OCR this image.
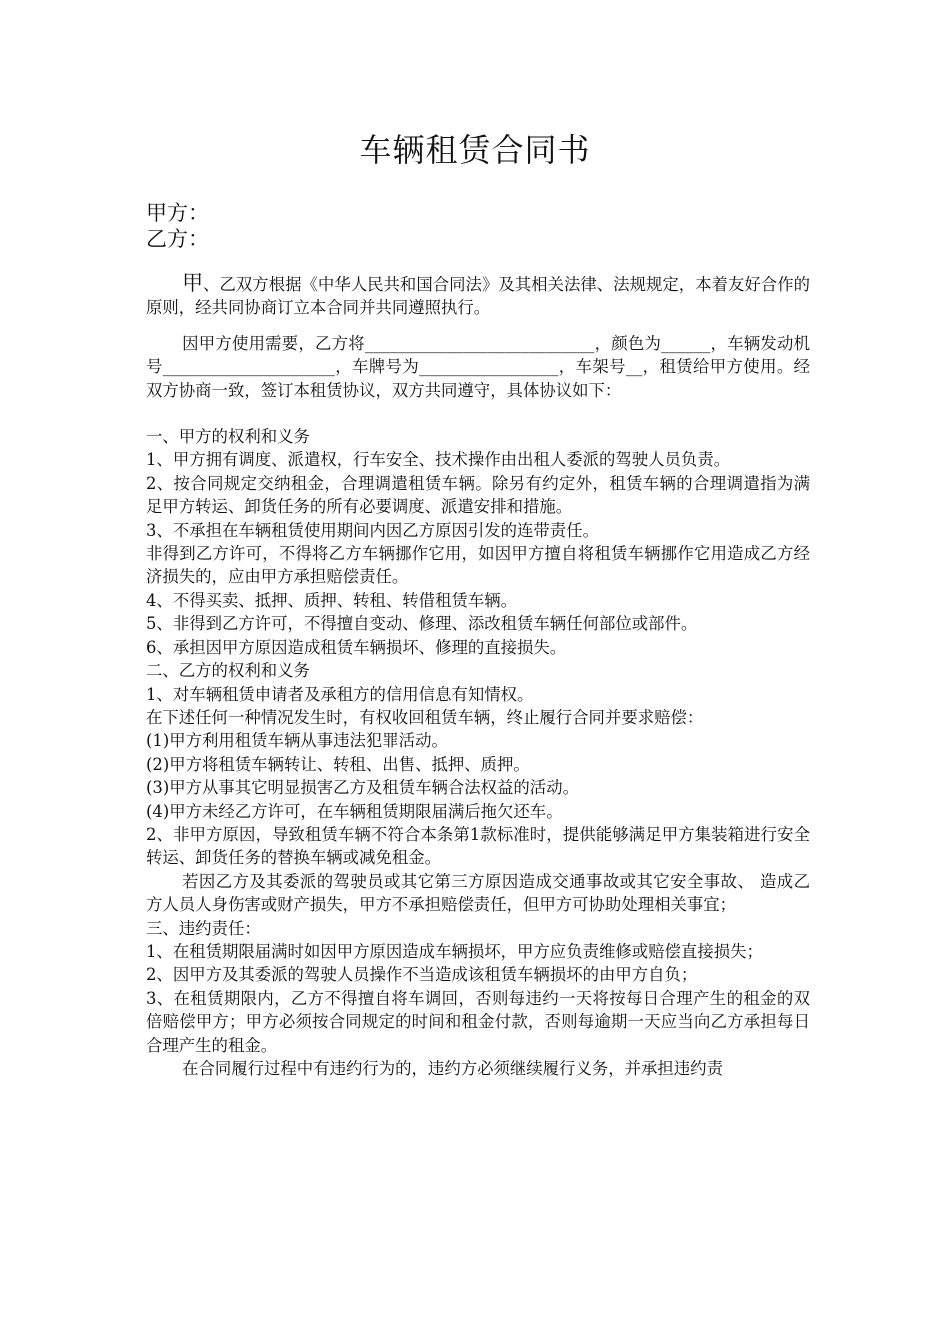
车辆租赁合同书
甲方：
乙方：

甲、乙双方根据《中华人民共和国合同法》及其相关法律、法规规定，本着友好合作的原则，经共同协商订立本合同并共同遵照执行。

因甲方使用需要，乙方将____________________________，颜色为______，车辆发动机号_____________________，车牌号为_________________，车架号__，租赁给甲方使用。经双方协商一致，签订本租赁协议，双方共同遵守，具体协议如下：

一、甲方的权利和义务

1、甲方拥有调度、派遣权，行车安全、技术操作由出租人委派的驾驶人员负责。

2、按合同规定交纳租金，合理调遣租赁车辆。除另有约定外，租赁车辆的合理调遣指为满足甲方转运、卸货任务的所有必要调度、派遣安排和措施。

3、不承担在车辆租赁使用期间内因乙方原因引发的连带责任。

非得到乙方许可，不得将乙方车辆挪作它用，如因甲方擅自将租赁车辆挪作它用造成乙方经济损失的，应由甲方承担赔偿责任。

4、不得买卖、抵押、质押、转租、转借租赁车辆。

5、非得到乙方许可，不得擅自变动、修理、添改租赁车辆任何部位或部件。

6、承担因甲方原因造成租赁车辆损坏、修理的直接损失。

二、乙方的权利和义务

1、对车辆租赁申请者及承租方的信用信息有知情权。

在下述任何一种情况发生时，有权收回租赁车辆，终止履行合同并要求赔偿：

(1)甲方利用租赁车辆从事违法犯罪活动。

(2)甲方将租赁车辆转让、转租、出售、抵押、质押。

(3)甲方从事其它明显损害乙方及租赁车辆合法权益的活动。

(4)甲方未经乙方许可，在车辆租赁期限届满后拖欠还车。

2、非甲方原因，导致租赁车辆不符合本条第1款标准时，提供能够满足甲方集装箱进行安全转运、卸货任务的替换车辆或减免租金。

若因乙方及其委派的驾驶员或其它第三方原因造成交通事故或其它安全事故、 造成乙方人员人身伤害或财产损失，甲方不承担赔偿责任，但甲方可协助处理相关事宜；

三、违约责任：

1、在租赁期限届满时如因甲方原因造成车辆损坏，甲方应负责维修或赔偿直接损失；

2、因甲方及其委派的驾驶人员操作不当造成该租赁车辆损坏的由甲方自负；

3、在租赁期限内，乙方不得擅自将车调回，否则每违约一天将按每日合理产生的租金的双倍赔偿甲方；甲方必须按合同规定的时间和租金付款，否则每逾期一天应当向乙方承担每日合理产生的租金。

在合同履行过程中有违约行为的，违约方必须继续履行义务，并承担违约责
